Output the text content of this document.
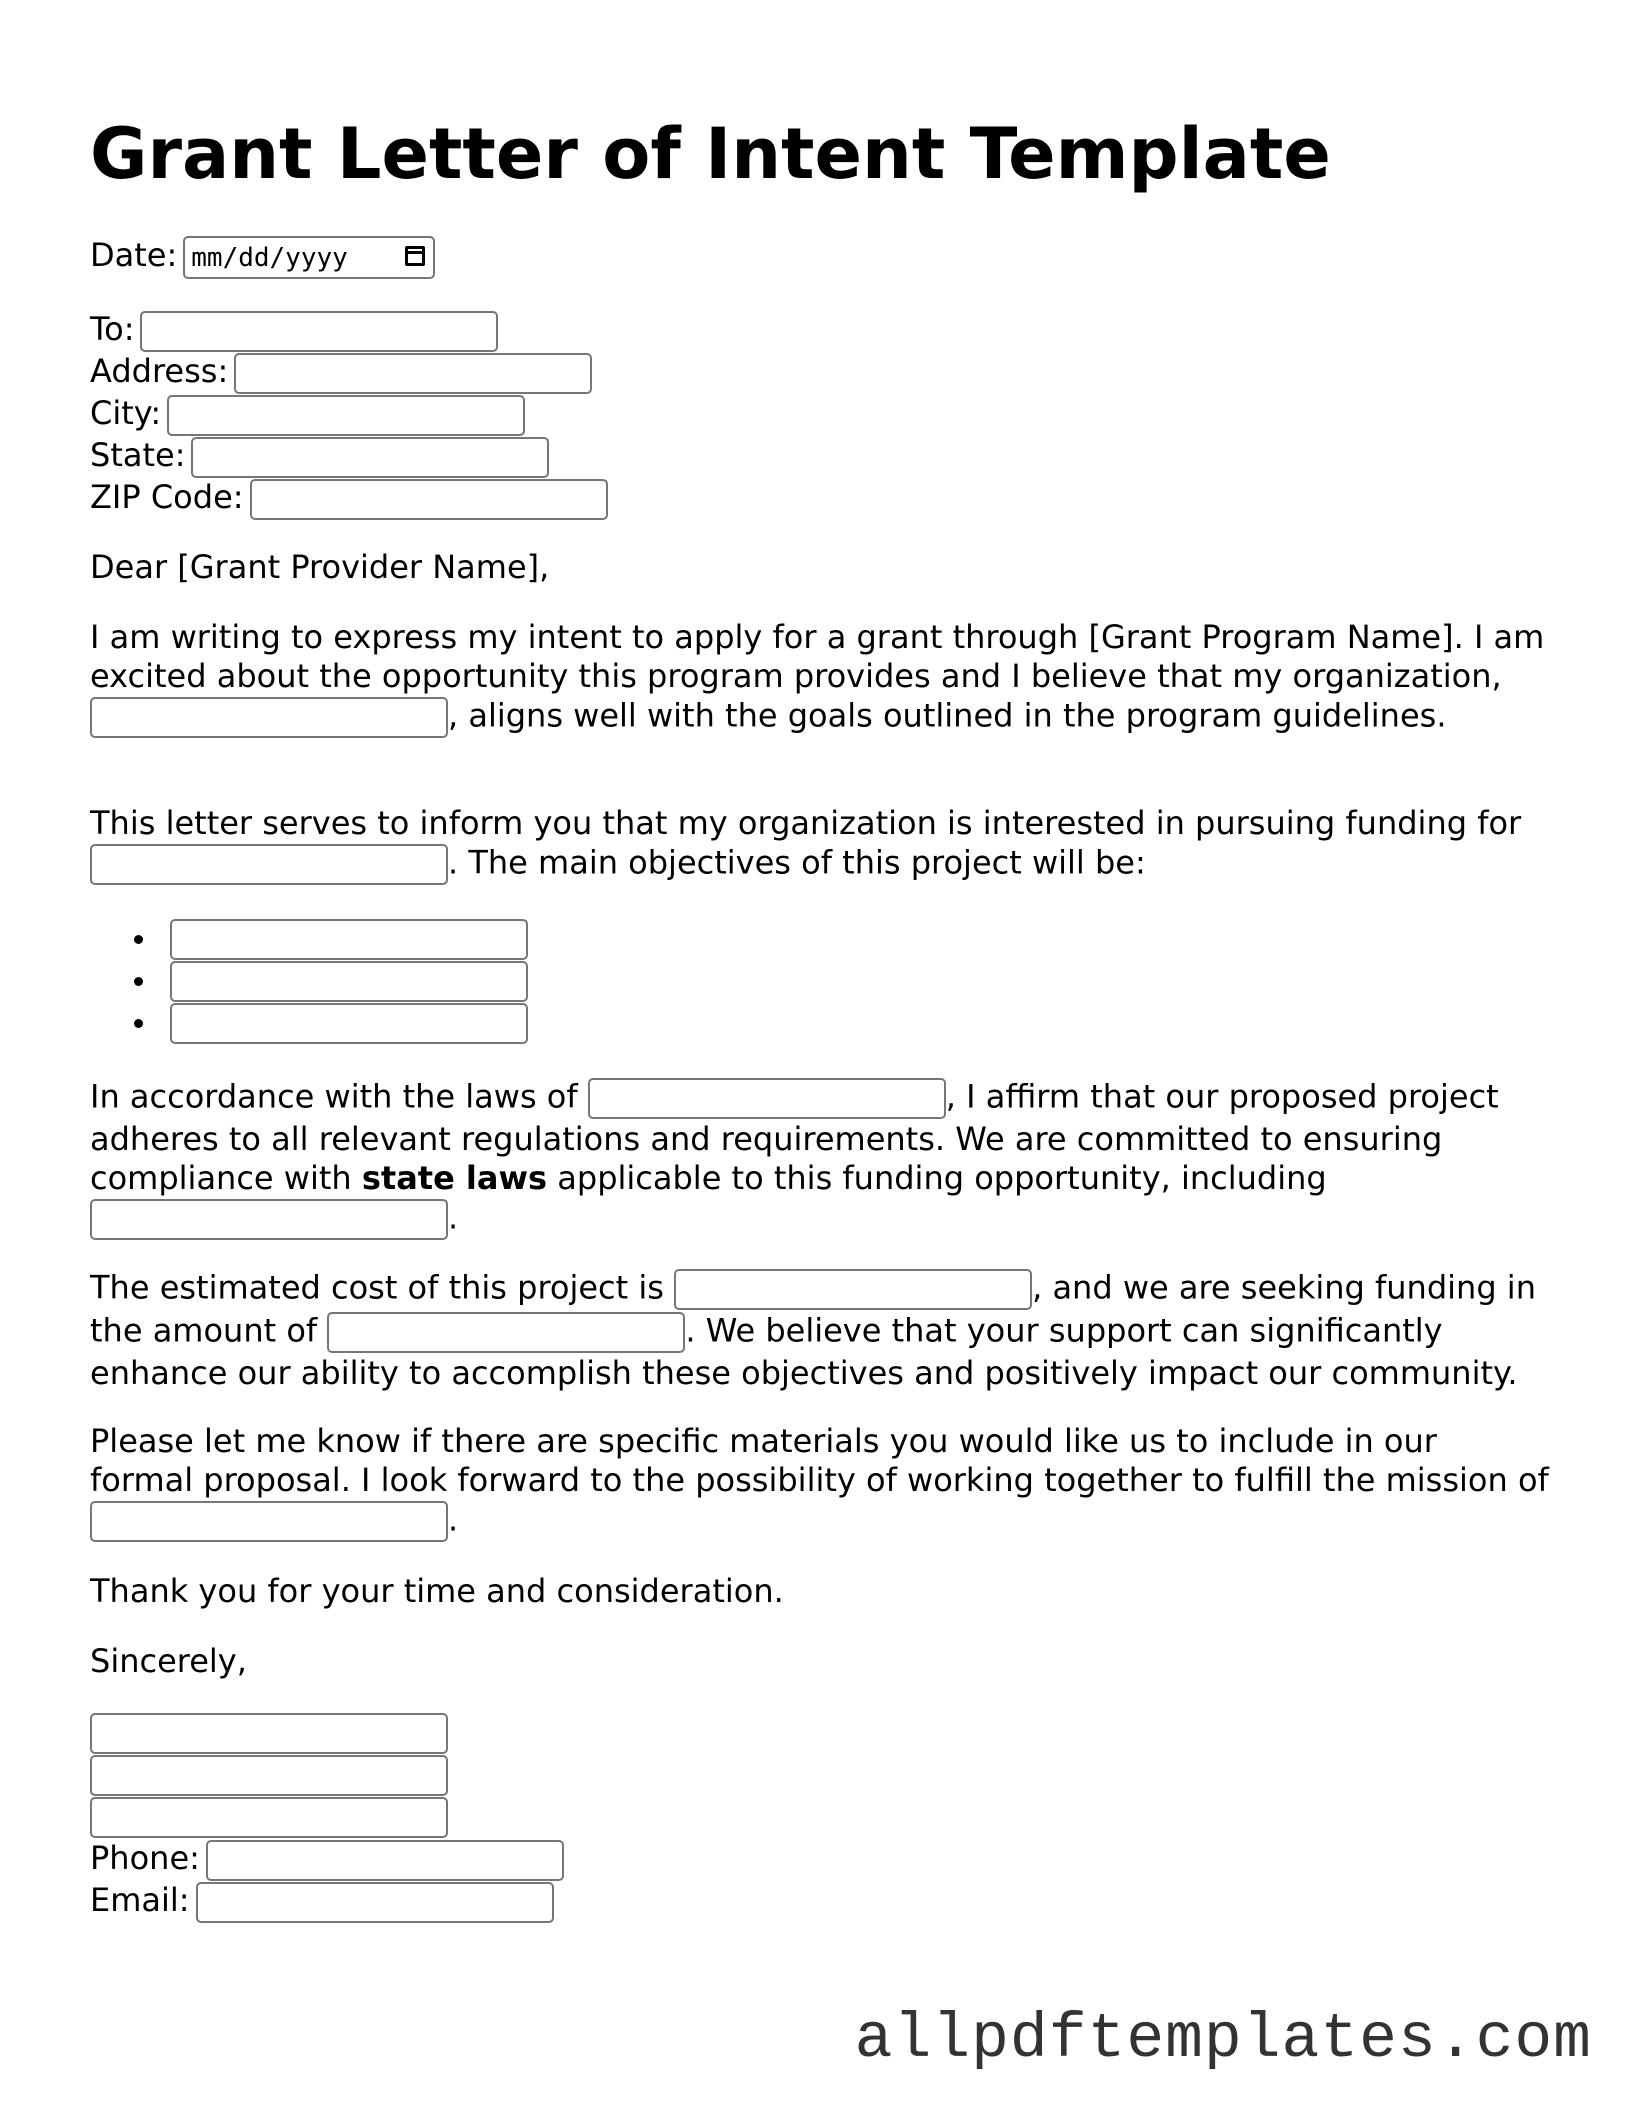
Grant Letter of Intent Template
Date: mm/dd/yyyy
To:
Address:
City:
State:
ZIP Code:

Dear [Grant Provider Name],

I am writing to express my intent to apply for a grant through [Grant Program Name]. I am excited about the opportunity this program provides and I believe that my organization, , aligns well with the goals outlined in the program guidelines.

This letter serves to inform you that my organization is interested in pursuing funding for . The main objectives of this project will be:

In accordance with the laws of	, I affirm that our proposed project adheres to all relevant regulations and requirements. We are committed to ensuring compliance with state laws applicable to this funding opportunity, including .

The estimated cost of this project is	, and we are seeking funding in the amount of	. We believe that your support can significantly enhance our ability to accomplish these objectives and positively impact our community.

Please let me know if there are specific materials you would like us to include in our formal proposal. I look forward to the possibility of working together to fulfill the mission of .

Thank you for your time and consideration.

Sincerely,

Phone:
Email:
allpdftemplates.com
